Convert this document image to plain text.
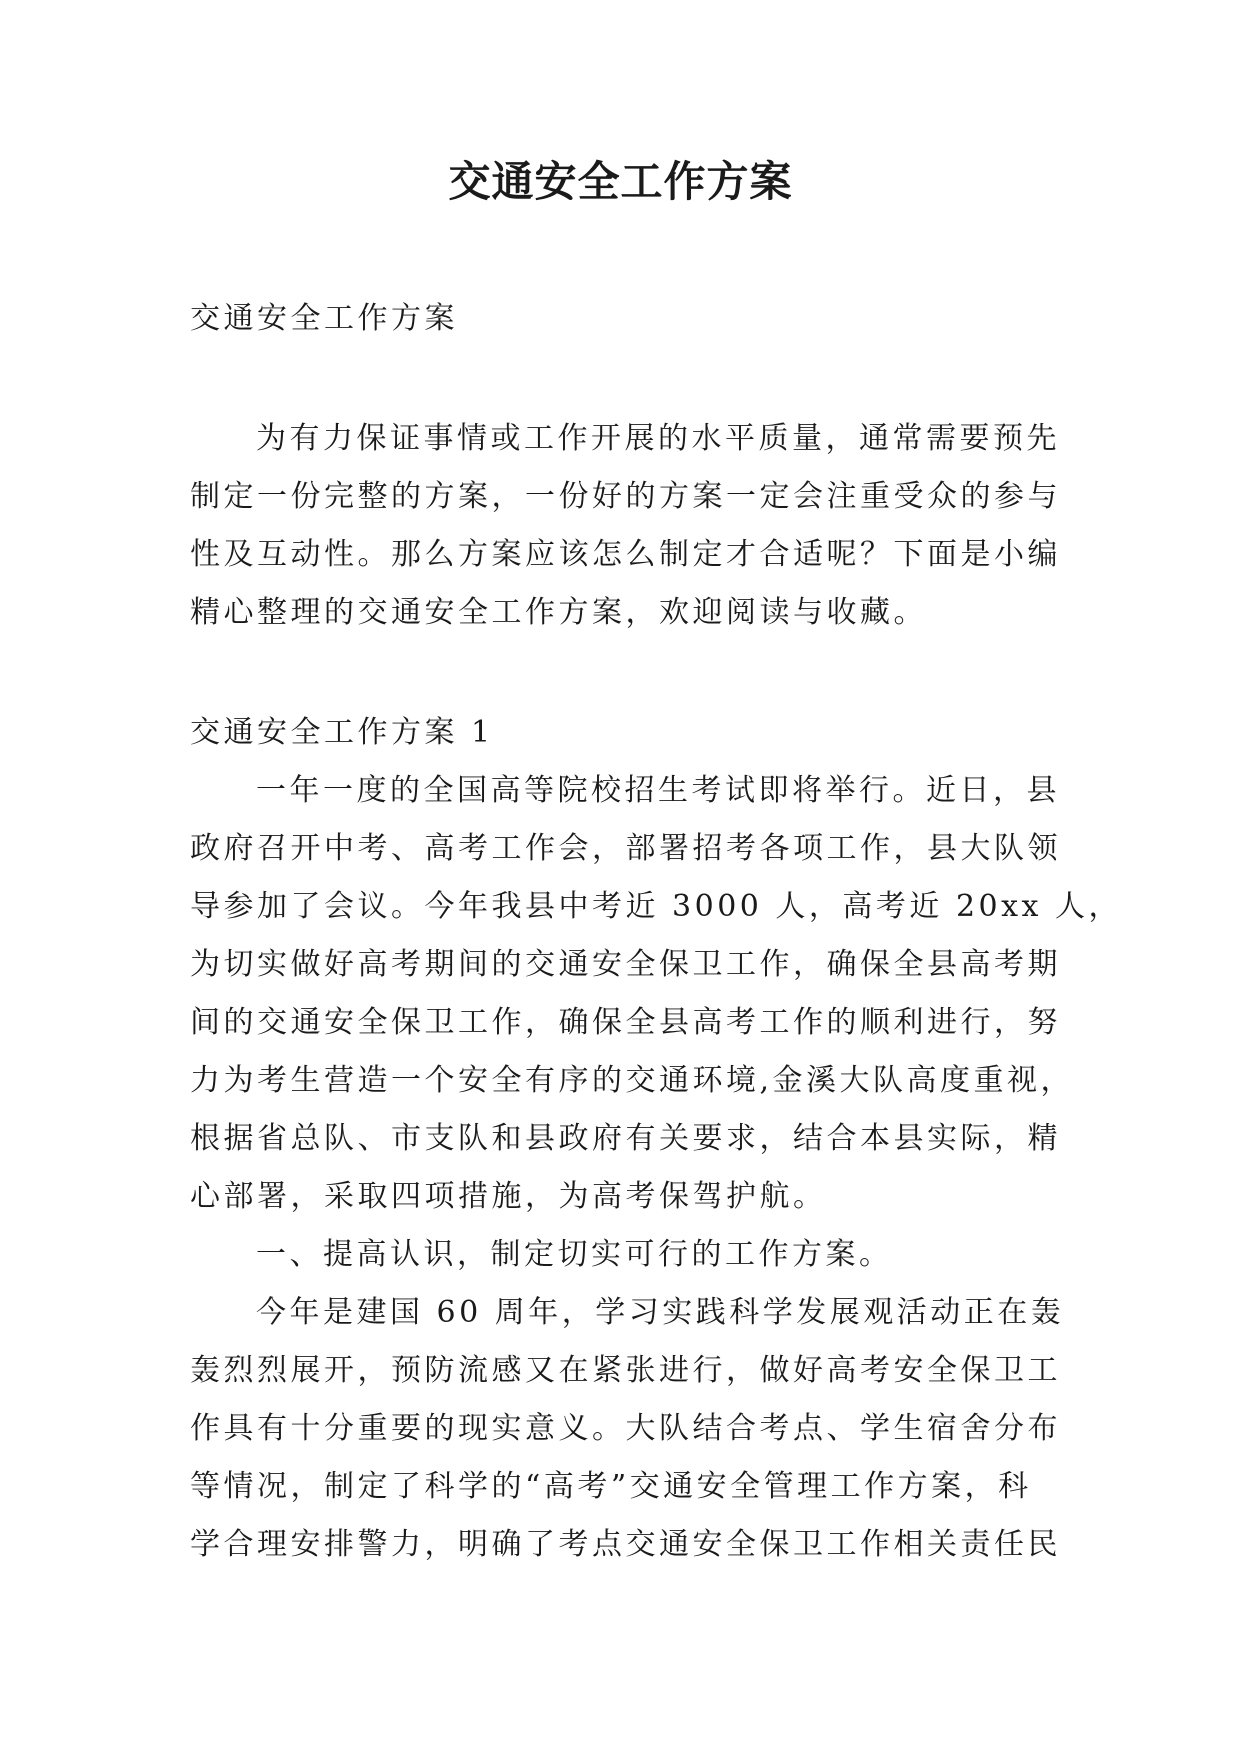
交通安全工作方案
交通安全工作方案
为有力保证事情或工作开展的水平质量，通常需要预先
制定一份完整的方案，一份好的方案一定会注重受众的参与
性及互动性。那么方案应该怎么制定才合适呢？下面是小编
精心整理的交通安全工作方案，欢迎阅读与收藏。
交通安全工作方案 1
一年一度的全国高等院校招生考试即将举行。近日，县
政府召开中考、高考工作会，部署招考各项工作，县大队领
导参加了会议。今年我县中考近 3000 人，高考近 20xx 人，
为切实做好高考期间的交通安全保卫工作，确保全县高考期
间的交通安全保卫工作，确保全县高考工作的顺利进行，努
力为考生营造一个安全有序的交通环境,金溪大队高度重视，
根据省总队、市支队和县政府有关要求，结合本县实际，精
心部署，采取四项措施，为高考保驾护航。
一、提高认识，制定切实可行的工作方案。
今年是建国 60 周年，学习实践科学发展观活动正在轰
轰烈烈展开，预防流感又在紧张进行，做好高考安全保卫工
作具有十分重要的现实意义。大队结合考点、学生宿舍分布
等情况，制定了科学的“高考”交通安全管理工作方案，科
学合理安排警力，明确了考点交通安全保卫工作相关责任民
